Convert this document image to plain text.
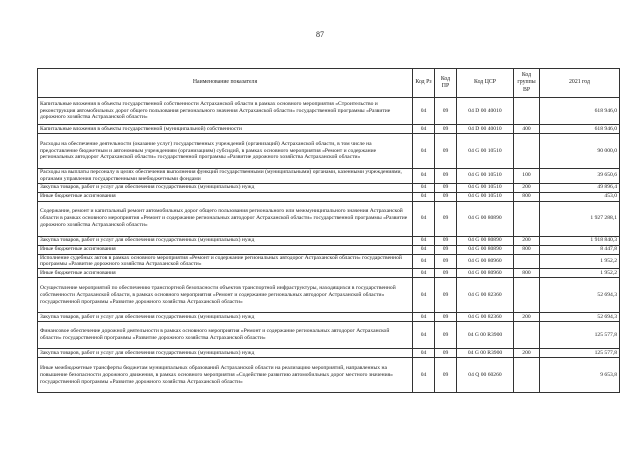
87
Наименование показателя	Код Рз	Код ПР	Код ЦСР	Код группы ВР	2021 год
Капитальные вложения в объекты государственной собственности Астраханской области в рамках основного мероприятия «Строительство и реконструкция автомобильных дорог общего пользования регионального значения Астраханской области» государственной программы «Развитие дорожного хозяйства Астраханской области»	04	09	04 D 00 40010		618 946,0
Капитальные вложения в объекты государственной (муниципальной) собственности	04	09	04 D 00 40010	400	618 946,0
Расходы на обеспечение деятельности (оказание услуг) государственных учреждений (организаций) Астраханской области, в том числе на предоставление бюджетным и автономным учреждениям (организациям) субсидий, в рамках основного мероприятия «Ремонт и содержание региональных автодорог Астраханской области» государственной программы «Развитие дорожного хозяйства Астраханской области»	04	09	04 G 00 10510		90 000,0
Расходы на выплаты персоналу в целях обеспечения выполнения функций государственными (муниципальными) органами, казенными учреждениями, органами управления государственными внебюджетными фондами	04	09	04 G 00 10510	100	39 650,6
Закупка товаров, работ и услуг для обеспечения государственных (муниципальных) нужд	04	09	04 G 00 10510	200	49 896,4
Иные бюджетные ассигнования	04	09	04 G 00 10510	800	453,0
Содержание, ремонт и капитальный ремонт автомобильных дорог общего пользования регионального или межмуниципального значения Астраханской области в рамках основного мероприятия «Ремонт и содержание региональных автодорог Астраханской области» государственной программы «Развитие дорожного хозяйства Астраханской области»	04	09	04 G 00 80890		1 927 288,1
Закупка товаров, работ и услуг для обеспечения государственных (муниципальных) нужд	04	09	04 G 00 80890	200	1 918 840,3
Иные бюджетные ассигнования	04	09	04 G 00 80890	800	8 447,8
Исполнение судебных актов в рамках основного мероприятия «Ремонт и содержание региональных автодорог Астраханской области» государственной программы «Развитие дорожного хозяйства Астраханской области»	04	09	04 G 00 80960		1 952,2
Иные бюджетные ассигнования	04	09	04 G 00 80960	800	1 952,2
Осуществление мероприятий по обеспечению транспортной безопасности объектов транспортной инфраструктуры, находящихся в государственной собственности Астраханской области, в рамках основного мероприятия «Ремонт и содержание региональных автодорог Астраханской области» государственной программы «Развитие дорожного хозяйства Астраханской области»	04	09	04 G 00 82360		52 694,3
Закупка товаров, работ и услуг для обеспечения государственных (муниципальных) нужд	04	09	04 G 00 82360	200	52 694,3
Финансовое обеспечение дорожной деятельности в рамках основного мероприятия «Ремонт и содержание региональных автодорог Астраханской области» государственной программы «Развитие дорожного хозяйства Астраханской области»	04	09	04 G 00 R3900		125 577,8
Закупка товаров, работ и услуг для обеспечения государственных (муниципальных) нужд	04	09	04 G 00 R3900	200	125 577,8
Иные межбюджетные трансферты бюджетам муниципальных образований Астраханской области на реализацию мероприятий, направленных на повышение безопасности дорожного движения, в рамках основного мероприятия «Содействие развитию автомобильных дорог местного значения» государственной программы «Развитие дорожного хозяйства Астраханской области»	04	09	04 Q 00 60260		9 653,8
